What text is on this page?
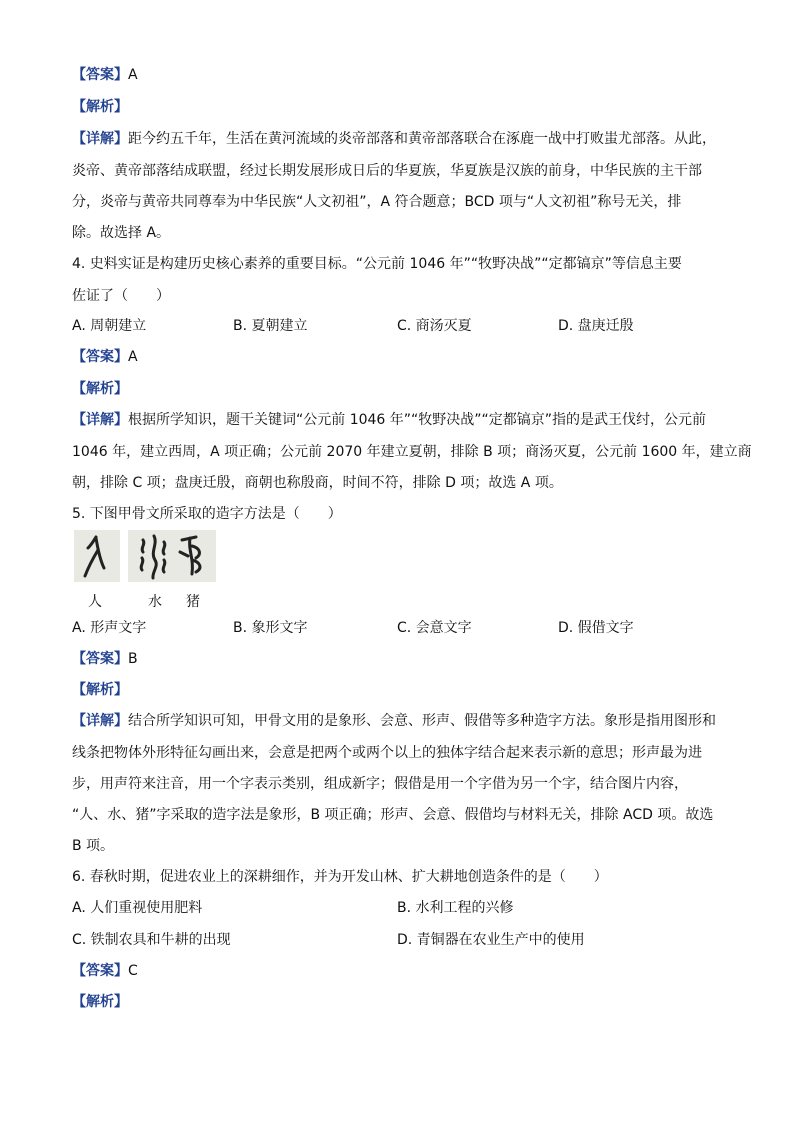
【答案】A
【解析】
【详解】距今约五千年，生活在黄河流域的炎帝部落和黄帝部落联合在涿鹿一战中打败蚩尤部落。从此，
炎帝、黄帝部落结成联盟，经过长期发展形成日后的华夏族，华夏族是汉族的前身，中华民族的主干部
分，炎帝与黄帝共同尊奉为中华民族“人文初祖”，A 符合题意；BCD 项与“人文初祖”称号无关，排
除。故选择 A。
4. 史料实证是构建历史核心素养的重要目标。“公元前 1046 年”“牧野决战”“定都镐京”等信息主要
佐证了（　　）
A. 周朝建立	B. 夏朝建立	C. 商汤灭夏	D. 盘庚迁殷
【答案】A
【解析】
【详解】根据所学知识，题干关键词“公元前 1046 年”“牧野决战”“定都镐京”指的是武王伐纣，公元前
1046 年，建立西周，A 项正确；公元前 2070 年建立夏朝，排除 B 项；商汤灭夏，公元前 1600 年，建立商
朝，排除 C 项；盘庚迁殷，商朝也称殷商，时间不符，排除 D 项；故选 A 项。
5. 下图甲骨文所采取的造字方法是（　　）
人	水 猪
A. 形声文字	B. 象形文字	C. 会意文字	D. 假借文字
【答案】B
【解析】
【详解】结合所学知识可知，甲骨文用的是象形、会意、形声、假借等多种造字方法。象形是指用图形和
线条把物体外形特征勾画出来，会意是把两个或两个以上的独体字结合起来表示新的意思；形声最为进
步，用声符来注音，用一个字表示类别，组成新字；假借是用一个字借为另一个字，结合图片内容，
“人、水、猪”字采取的造字法是象形，B 项正确；形声、会意、假借均与材料无关，排除 ACD 项。故选
B 项。
6. 春秋时期，促进农业上的深耕细作，并为开发山林、扩大耕地创造条件的是（　　）
A. 人们重视使用肥料	B. 水利工程的兴修
C. 铁制农具和牛耕的出现	D. 青铜器在农业生产中的使用
【答案】C
【解析】
